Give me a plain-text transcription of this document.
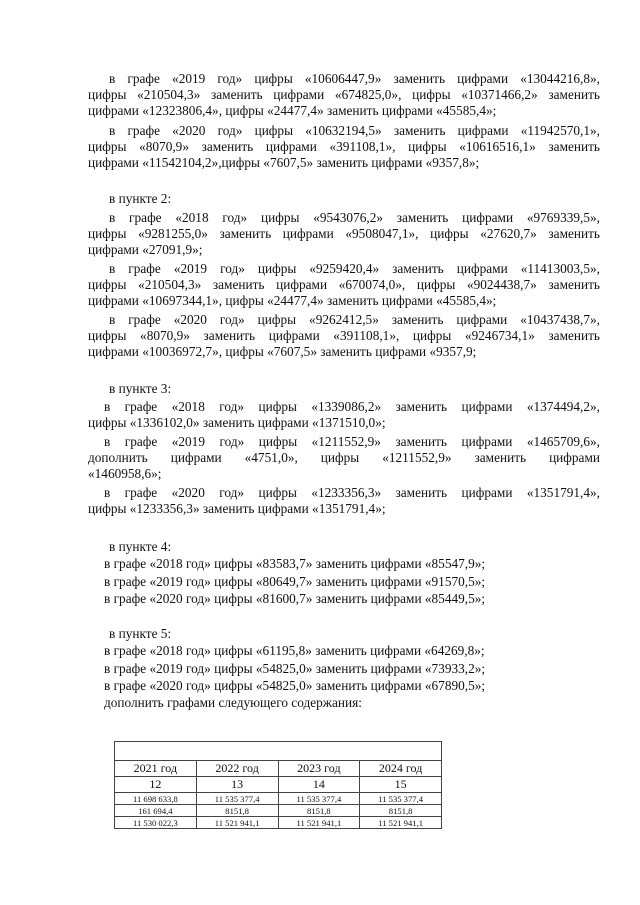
в графе «2019 год» цифры «10606447,9» заменить цифрами «13044216,8»,
цифры «210504,3» заменить цифрами «674825,0», цифры «10371466,2» заменить
цифрами «12323806,4», цифры «24477,4» заменить цифрами «45585,4»;
в графе «2020 год» цифры «10632194,5» заменить цифрами «11942570,1»,
цифры «8070,9» заменить цифрами «391108,1», цифры «10616516,1» заменить
цифрами «11542104,2»,цифры «7607,5» заменить цифрами «9357,8»;
в пункте 2:
в графе «2018 год» цифры «9543076,2» заменить цифрами «9769339,5»,
цифры «9281255,0» заменить цифрами «9508047,1», цифры «27620,7» заменить
цифрами «27091,9»;
в графе «2019 год» цифры «9259420,4» заменить цифрами «11413003,5»,
цифры «210504,3» заменить цифрами «670074,0», цифры «9024438,7» заменить
цифрами «10697344,1», цифры «24477,4» заменить цифрами «45585,4»;
в графе «2020 год» цифры «9262412,5» заменить цифрами «10437438,7»,
цифры «8070,9» заменить цифрами «391108,1», цифры «9246734,1» заменить
цифрами «10036972,7», цифры «7607,5» заменить цифрами «9357,9;
в пункте 3:
в графе «2018 год» цифры «1339086,2» заменить цифрами «1374494,2»,
цифры «1336102,0» заменить цифрами «1371510,0»;
в графе «2019 год» цифры «1211552,9» заменить цифрами «1465709,6»,
дополнить цифрами «4751,0», цифры «1211552,9» заменить цифрами
«1460958,6»;
в графе «2020 год» цифры «1233356,3» заменить цифрами «1351791,4»,
цифры «1233356,3» заменить цифрами «1351791,4»;
в пункте 4:
в графе «2018 год» цифры «83583,7» заменить цифрами «85547,9»;
в графе «2019 год» цифры «80649,7» заменить цифрами «91570,5»;
в графе «2020 год» цифры «81600,7» заменить цифрами «85449,5»;
в пункте 5:
в графе «2018 год» цифры «61195,8» заменить цифрами «64269,8»;
в графе «2019 год» цифры «54825,0» заменить цифрами «73933,2»;
в графе «2020 год» цифры «54825,0» заменить цифрами «67890,5»;
дополнить графами следующего содержания:

2021 год	2022 год	2023 год	2024 год
12	13	14	15
11 698 633,8	11 535 377,4	11 535 377,4	11 535 377,4
161 694,4	8151,8	8151,8	8151,8
11 530 022,3	11 521 941,1	11 521 941,1	11 521 941,1
